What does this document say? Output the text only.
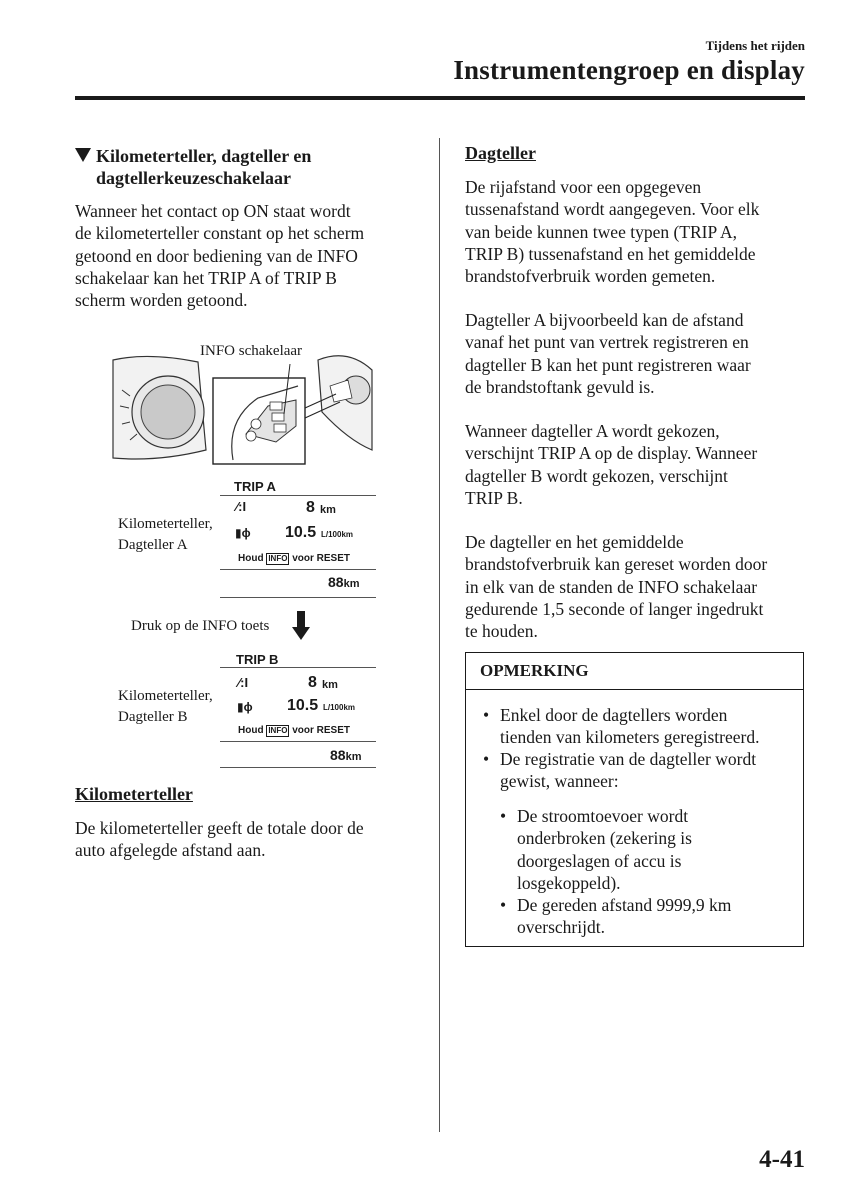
Tijdens het rijden
Instrumentengroep en display
Kilometerteller, dagteller en
dagtellerkeuzeschakelaar
Wanneer het contact op ON staat wordt
de kilometerteller constant op het scherm
getoond en door bediening van de INFO
schakelaar kan het TRIP A of TRIP B
scherm worden getoond.
INFO schakelaar
Kilometerteller,
Dagteller A
TRIP A
⁄:I	8 km
▮ϕ 10.5 L/100km
Houd INFO voor RESET
88km
Druk op de INFO toets
Kilometerteller,
Dagteller B
TRIP B
⁄:I	8 km
▮ϕ 10.5 L/100km
Houd INFO voor RESET
88km
Kilometerteller
De kilometerteller geeft de totale door de
auto afgelegde afstand aan.
Dagteller
De rijafstand voor een opgegeven
tussenafstand wordt aangegeven. Voor elk
van beide kunnen twee typen (TRIP A,
TRIP B) tussenafstand en het gemiddelde
brandstofverbruik worden gemeten.
Dagteller A bijvoorbeeld kan de afstand
vanaf het punt van vertrek registreren en
dagteller B kan het punt registreren waar
de brandstoftank gevuld is.
Wanneer dagteller A wordt gekozen,
verschijnt TRIP A op de display. Wanneer
dagteller B wordt gekozen, verschijnt
TRIP B.
De dagteller en het gemiddelde
brandstofverbruik kan gereset worden door
in elk van de standen de INFO schakelaar
gedurende 1,5 seconde of langer ingedrukt
te houden.
OPMERKING
• Enkel door de dagtellers worden
tienden van kilometers geregistreerd.
• De registratie van de dagteller wordt
gewist, wanneer:
• De stroomtoevoer wordt
onderbroken (zekering is
doorgeslagen of accu is
losgekoppeld).
• De gereden afstand 9999,9 km
overschrijdt.
4-41
